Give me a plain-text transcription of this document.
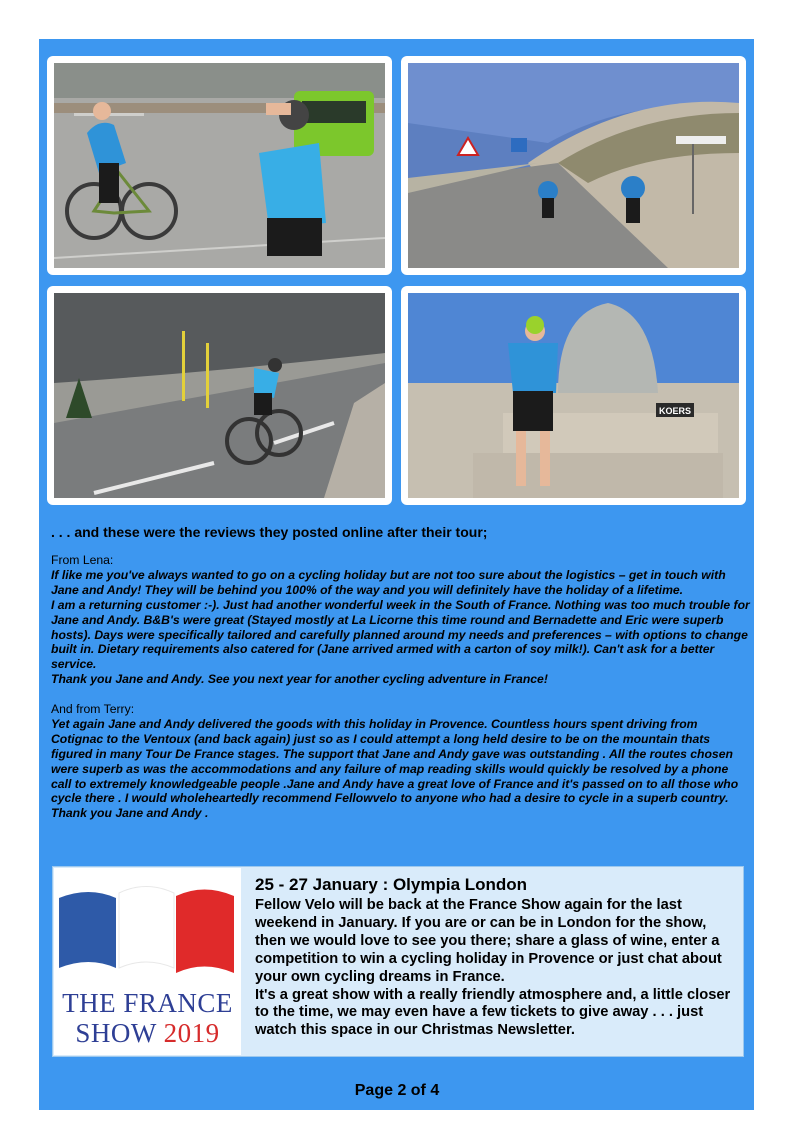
KOERS
. . . and these were the reviews they posted online after their tour;
From Lena:
If like me you've always wanted to go on a cycling holiday but are not too sure about the logistics – get in touch with Jane and Andy! They will be behind you 100% of the way and you will definitely have the holiday of a lifetime.
I am a returning customer :-). Just had another wonderful week in the South of France. Nothing was too much trouble for Jane and Andy. B&B's were great (Stayed mostly at La Licorne this time round and Bernadette and Eric were superb hosts). Days were specifically tailored and carefully planned around my needs and preferences – with options to change built in. Dietary requirements also catered for (Jane arrived armed with a carton of soy milk!). Can't ask for a better service.
Thank you Jane and Andy. See you next year for another cycling adventure in France!
And from Terry:
Yet again Jane and Andy delivered the goods with this holiday in Provence. Countless hours spent driving from Cotignac to the Ventoux (and back again) just so as I could attempt a long held desire to be on the mountain thats figured in many Tour De France stages. The support that Jane and Andy gave was outstanding . All the routes chosen were superb as was the accommodations and any failure of map reading skills would quickly be resolved by a phone call to extremely knowledgeable people .Jane and Andy have a great love of France and it's passed on to all those who cycle there . I would wholeheartedly recommend Fellowvelo to anyone who had a desire to cycle in a superb country.
Thank you Jane and Andy .
THE FRANCE
SHOW 2019
25 - 27 January : Olympia London
Fellow Velo will be back at the France Show again for the last weekend in January. If you are or can be in London for the show, then we would love to see you there; share a glass of wine, enter a competition to win a cycling holiday in Provence or just chat about your own cycling dreams in France.
It's a great show with a really friendly atmosphere and, a little closer to the time, we may even have a few tickets to give away . . . just watch this space in our Christmas Newsletter.
Page 2 of 4
